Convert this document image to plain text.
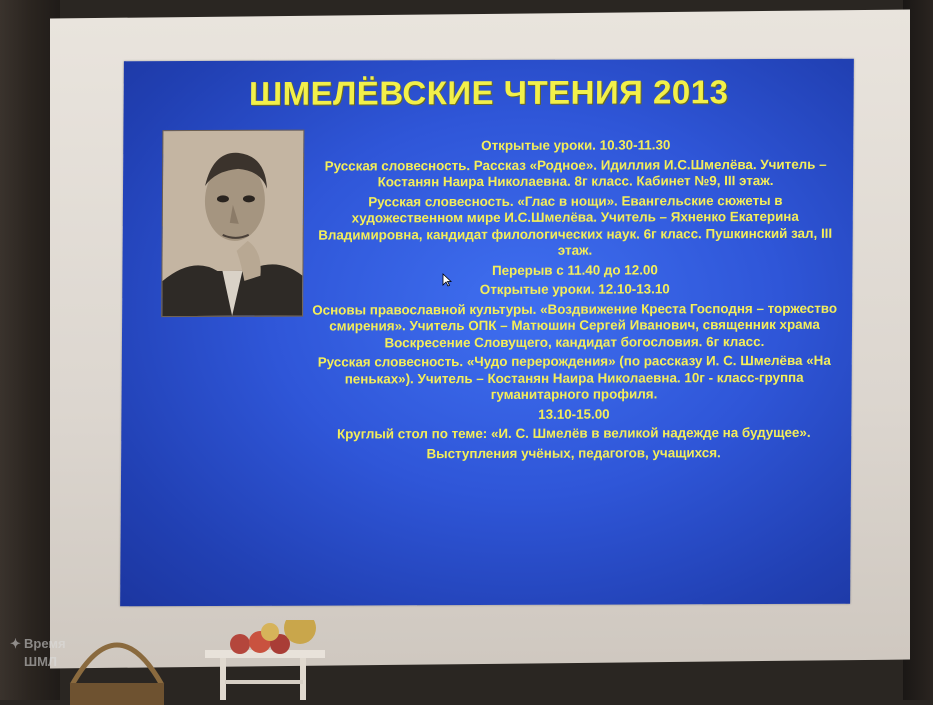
ШМЕЛЁВСКИЕ ЧТЕНИЯ 2013

Открытые уроки. 10.30-11.30

Русская словесность. Рассказ «Родное». Идиллия И.С.Шмелёва. Учитель – Костанян Наира Николаевна. 8г класс. Кабинет №9, III этаж.

Русская словесность. «Глас в нощи». Евангельские сюжеты в художественном мире И.С.Шмелёва. Учитель – Яхненко Екатерина Владимировна, кандидат филологических наук. 6г класс. Пушкинский зал, III этаж.

Перерыв с 11.40 до 12.00

Открытые уроки. 12.10-13.10

Основы православной культуры. «Воздвижение Креста Господня – торжество смирения». Учитель ОПК – Матюшин Сергей Иванович, священник храма Воскресение Словущего, кандидат богословия. 6г класс.

Русская словесность. «Чудо перерождения» (по рассказу И. С. Шмелёва «На пеньках»). Учитель – Костанян Наира Николаевна. 10г - класс-группа гуманитарного профиля.

13.10-15.00

Круглый стол по теме: «И. С. Шмелёв в великой надежде на будущее».

Выступления учёных, педагогов, учащихся.

✦ Время
ШМЛ
